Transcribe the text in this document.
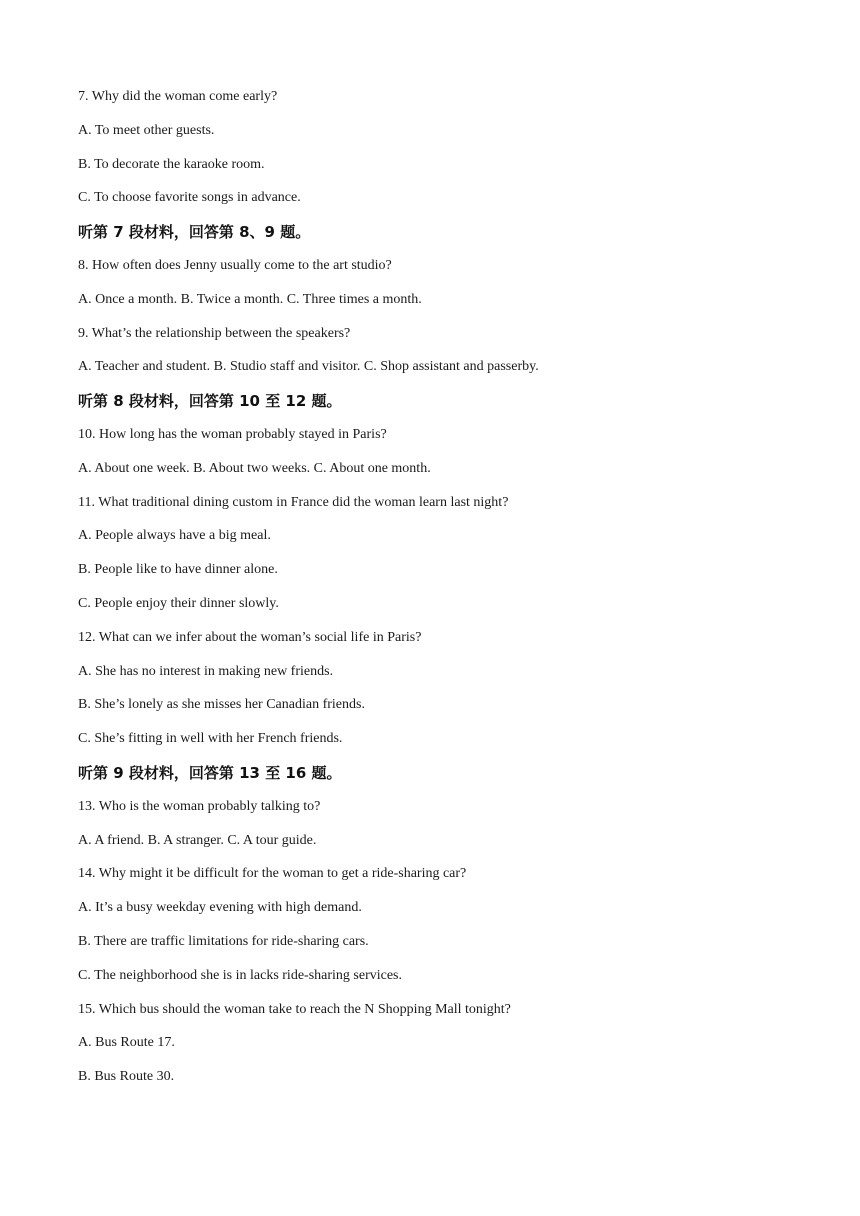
7. Why did the woman come early?
A. To meet other guests.
B. To decorate the karaoke room.
C. To choose favorite songs in advance.
听第 7 段材料，回答第 8、9 题。
8. How often does Jenny usually come to the art studio?
A. Once a month. B. Twice a month. C. Three times a month.
9. What’s the relationship between the speakers?
A. Teacher and student. B. Studio staff and visitor. C. Shop assistant and passerby.
听第 8 段材料，回答第 10 至 12 题。
10. How long has the woman probably stayed in Paris?
A. About one week. B. About two weeks. C. About one month.
11. What traditional dining custom in France did the woman learn last night?
A. People always have a big meal.
B. People like to have dinner alone.
C. People enjoy their dinner slowly.
12. What can we infer about the woman’s social life in Paris?
A. She has no interest in making new friends.
B. She’s lonely as she misses her Canadian friends.
C. She’s fitting in well with her French friends.
听第 9 段材料，回答第 13 至 16 题。
13. Who is the woman probably talking to?
A. A friend. B. A stranger. C. A tour guide.
14. Why might it be difficult for the woman to get a ride-sharing car?
A. It’s a busy weekday evening with high demand.
B. There are traffic limitations for ride-sharing cars.
C. The neighborhood she is in lacks ride-sharing services.
15. Which bus should the woman take to reach the N Shopping Mall tonight?
A. Bus Route 17.
B. Bus Route 30.
